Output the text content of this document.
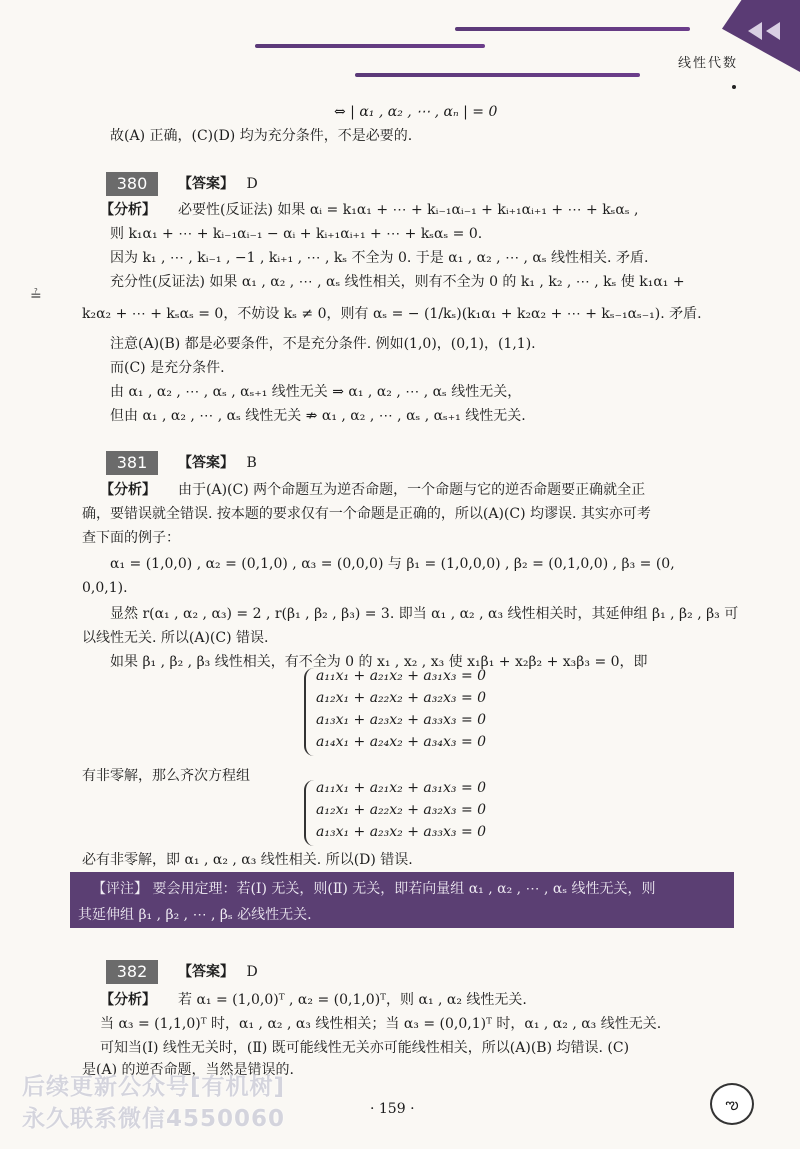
线性代数
⇔ | α₁ , α₂ , ⋯ , αₙ | = 0
故(A) 正确，(C)(D) 均为充分条件，不是必要的.
380	【答案】 D
【分析】 必要性(反证法) 如果 αᵢ = k₁α₁ + ⋯ + kᵢ₋₁αᵢ₋₁ + kᵢ₊₁αᵢ₊₁ + ⋯ + kₛαₛ ,
则 k₁α₁ + ⋯ + kᵢ₋₁αᵢ₋₁ − αᵢ + kᵢ₊₁αᵢ₊₁ + ⋯ + kₛαₛ = 0.
因为 k₁ , ⋯ , kᵢ₋₁ , −1 , kᵢ₊₁ , ⋯ , kₛ 不全为 0. 于是 α₁ , α₂ , ⋯ , αₛ 线性相关. 矛盾.
充分性(反证法) 如果 α₁ , α₂ , ⋯ , αₛ 线性相关，则有不全为 0 的 k₁ , k₂ , ⋯ , kₛ 使 k₁α₁ +
k₂α₂ + ⋯ + kₛαₛ = 0，不妨设 kₛ ≠ 0，则有 αₛ = − (1/kₛ)(k₁α₁ + k₂α₂ + ⋯ + kₛ₋₁αₛ₋₁). 矛盾.
注意(A)(B) 都是必要条件，不是充分条件. 例如(1,0)，(0,1)，(1,1).
而(C) 是充分条件.
由 α₁ , α₂ , ⋯ , αₛ , αₛ₊₁ 线性无关 ⇒ α₁ , α₂ , ⋯ , αₛ 线性无关，
但由 α₁ , α₂ , ⋯ , αₛ 线性无关 ⇏ α₁ , α₂ , ⋯ , αₛ , αₛ₊₁ 线性无关.
≟
381	【答案】 B
【分析】 由于(A)(C) 两个命题互为逆否命题，一个命题与它的逆否命题要正确就全正
确，要错误就全错误. 按本题的要求仅有一个命题是正确的，所以(A)(C) 均谬误. 其实亦可考
查下面的例子：
α₁ = (1,0,0) , α₂ = (0,1,0) , α₃ = (0,0,0) 与 β₁ = (1,0,0,0) , β₂ = (0,1,0,0) , β₃ = (0,
0,0,1).
显然 r(α₁ , α₂ , α₃) = 2 , r(β₁ , β₂ , β₃) = 3. 即当 α₁ , α₂ , α₃ 线性相关时，其延伸组 β₁ , β₂ , β₃ 可
以线性无关. 所以(A)(C) 错误.
如果 β₁ , β₂ , β₃ 线性相关，有不全为 0 的 x₁ , x₂ , x₃ 使 x₁β₁ + x₂β₂ + x₃β₃ = 0，即
a₁₁x₁ + a₂₁x₂ + a₃₁x₃ = 0
a₁₂x₁ + a₂₂x₂ + a₃₂x₃ = 0
a₁₃x₁ + a₂₃x₂ + a₃₃x₃ = 0
a₁₄x₁ + a₂₄x₂ + a₃₄x₃ = 0
有非零解，那么齐次方程组
a₁₁x₁ + a₂₁x₂ + a₃₁x₃ = 0
a₁₂x₁ + a₂₂x₂ + a₃₂x₃ = 0
a₁₃x₁ + a₂₃x₂ + a₃₃x₃ = 0
必有非零解，即 α₁ , α₂ , α₃ 线性相关. 所以(D) 错误.
【评注】 要会用定理：若(Ⅰ) 无关，则(Ⅱ) 无关，即若向量组 α₁ , α₂ , ⋯ , αₛ 线性无关，则
其延伸组 β₁ , β₂ , ⋯ , βₛ 必线性无关.
382	【答案】 D
【分析】 若 α₁ = (1,0,0)ᵀ , α₂ = (0,1,0)ᵀ，则 α₁ , α₂ 线性无关.
当 α₃ = (1,1,0)ᵀ 时，α₁ , α₂ , α₃ 线性相关；当 α₃ = (0,0,1)ᵀ 时，α₁ , α₂ , α₃ 线性无关.
可知当(Ⅰ) 线性无关时，(Ⅱ) 既可能线性无关亦可能线性相关，所以(A)(B) 均错误. (C)
是(A) 的逆否命题，当然是错误的.
· 159 ·	ఌ
后续更新公众号[有机树]
永久联系微信4550060
